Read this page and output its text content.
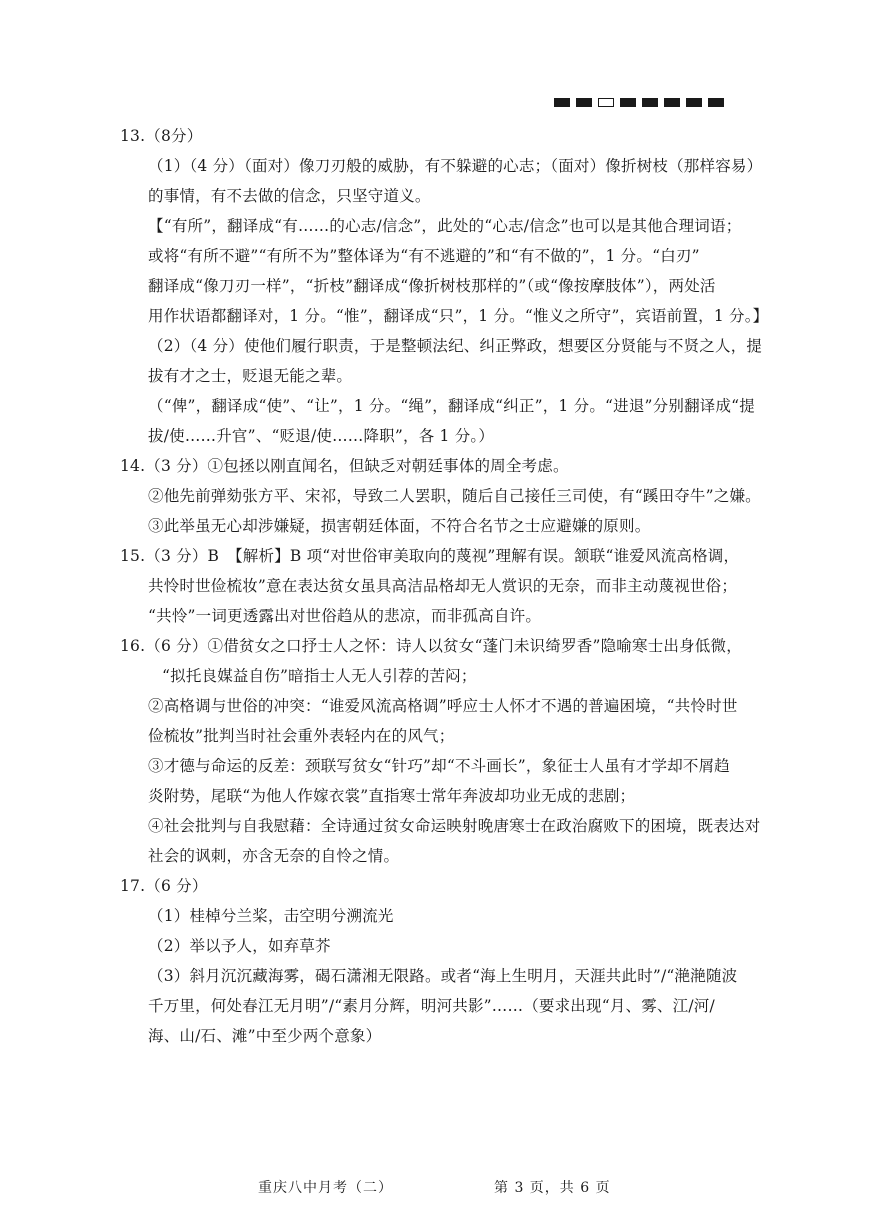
13.（8分）
（1）（4 分）（面对）像刀刃般的威胁，有不躲避的心志；（面对）像折树枝（那样容易）
的事情，有不去做的信念，只坚守道义。
【“有所”，翻译成“有……的心志/信念”，此处的“心志/信念”也可以是其他合理词语；
或将“有所不避”“有所不为”整体译为“有不逃避的”和“有不做的”，1 分。“白刃”
翻译成“像刀刃一样”，“折枝”翻译成“像折树枝那样的”（或“像按摩肢体”），两处活
用作状语都翻译对，1 分。“惟”，翻译成“只”，1 分。“惟义之所守”，宾语前置，1 分。】
（2）（4 分）使他们履行职责，于是整顿法纪、纠正弊政，想要区分贤能与不贤之人，提
拔有才之士，贬退无能之辈。
（“俾”，翻译成“使”、“让”，1 分。“绳”，翻译成“纠正”，1 分。“进退”分别翻译成“提
拔/使……升官”、“贬退/使……降职”，各 1 分。）
14.（3 分）①包拯以刚直闻名，但缺乏对朝廷事体的周全考虑。
②他先前弹劾张方平、宋祁，导致二人罢职，随后自己接任三司使，有“蹊田夺牛”之嫌。
③此举虽无心却涉嫌疑，损害朝廷体面，不符合名节之士应避嫌的原则。
15.（3 分）B　【解析】B 项“对世俗审美取向的蔑视”理解有误。颔联“谁爱风流高格调，
共怜时世俭梳妆”意在表达贫女虽具高洁品格却无人赏识的无奈，而非主动蔑视世俗；
“共怜”一词更透露出对世俗趋从的悲凉，而非孤高自许。
16.（6 分）①借贫女之口抒士人之怀：诗人以贫女“蓬门未识绮罗香”隐喻寒士出身低微，
“拟托良媒益自伤”暗指士人无人引荐的苦闷；
②高格调与世俗的冲突：“谁爱风流高格调”呼应士人怀才不遇的普遍困境，“共怜时世
俭梳妆”批判当时社会重外表轻内在的风气；
③才德与命运的反差：颈联写贫女“针巧”却“不斗画长”，象征士人虽有才学却不屑趋
炎附势，尾联“为他人作嫁衣裳”直指寒士常年奔波却功业无成的悲剧；
④社会批判与自我慰藉：全诗通过贫女命运映射晚唐寒士在政治腐败下的困境，既表达对
社会的讽刺，亦含无奈的自怜之情。
17.（6 分）
（1）桂棹兮兰桨，击空明兮溯流光
（2）举以予人，如弃草芥
（3）斜月沉沉藏海雾，碣石潇湘无限路。或者“海上生明月，天涯共此时”/“滟滟随波
千万里，何处春江无月明”/“素月分辉，明河共影”……（要求出现“月、雾、江/河/
海、山/石、滩”中至少两个意象）
重庆八中月考（二）	第 3 页，共 6 页
